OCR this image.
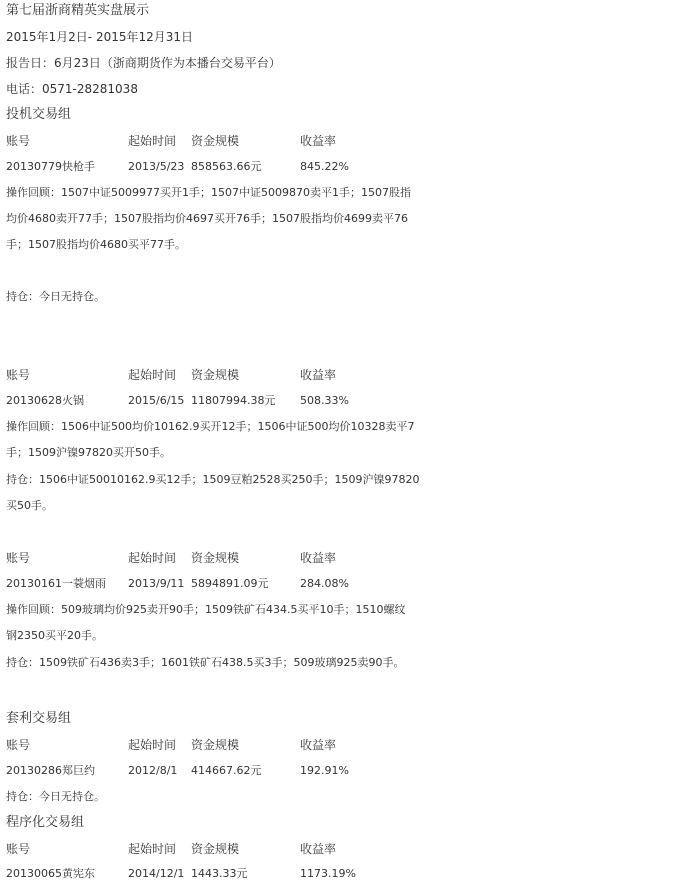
第七届浙商精英实盘展示
2015年1月2日- 2015年12月31日
报告日：6月23日（浙商期货作为本播台交易平台）
电话：0571-28281038
投机交易组
账号	起始时间 资金规模	收益率
20130779快枪手	2013/5/23 858563.66元	845.22%
操作回顾：1507中证5009977买开1手；1507中证5009870卖平1手；1507股指
均价4680卖开77手；1507股指均价4697买开76手；1507股指均价4699卖平76
手；1507股指均价4680买平77手。
持仓：今日无持仓。
账号	起始时间 资金规模	收益率
20130628火锅	2015/6/15 11807994.38元 508.33%
操作回顾：1506中证500均价10162.9买开12手；1506中证500均价10328卖平7
手；1509沪镍97820买开50手。
持仓：1506中证50010162.9买12手；1509豆粕2528买250手；1509沪镍97820
买50手。
账号	起始时间 资金规模	收益率
20130161一蓑烟雨 2013/9/11 5894891.09元	284.08%
操作回顾：509玻璃均价925卖开90手；1509铁矿石434.5买平10手；1510螺纹
钢2350买平20手。
持仓：1509铁矿石436卖3手；1601铁矿石438.5买3手；509玻璃925卖90手。
套利交易组
账号	起始时间 资金规模	收益率
20130286郑巨约	2012/8/1 414667.62元	192.91%
持仓：今日无持仓。
程序化交易组
账号	起始时间 资金规模	收益率
20130065黄宪东	2014/12/1 1443.33元	1173.19%
